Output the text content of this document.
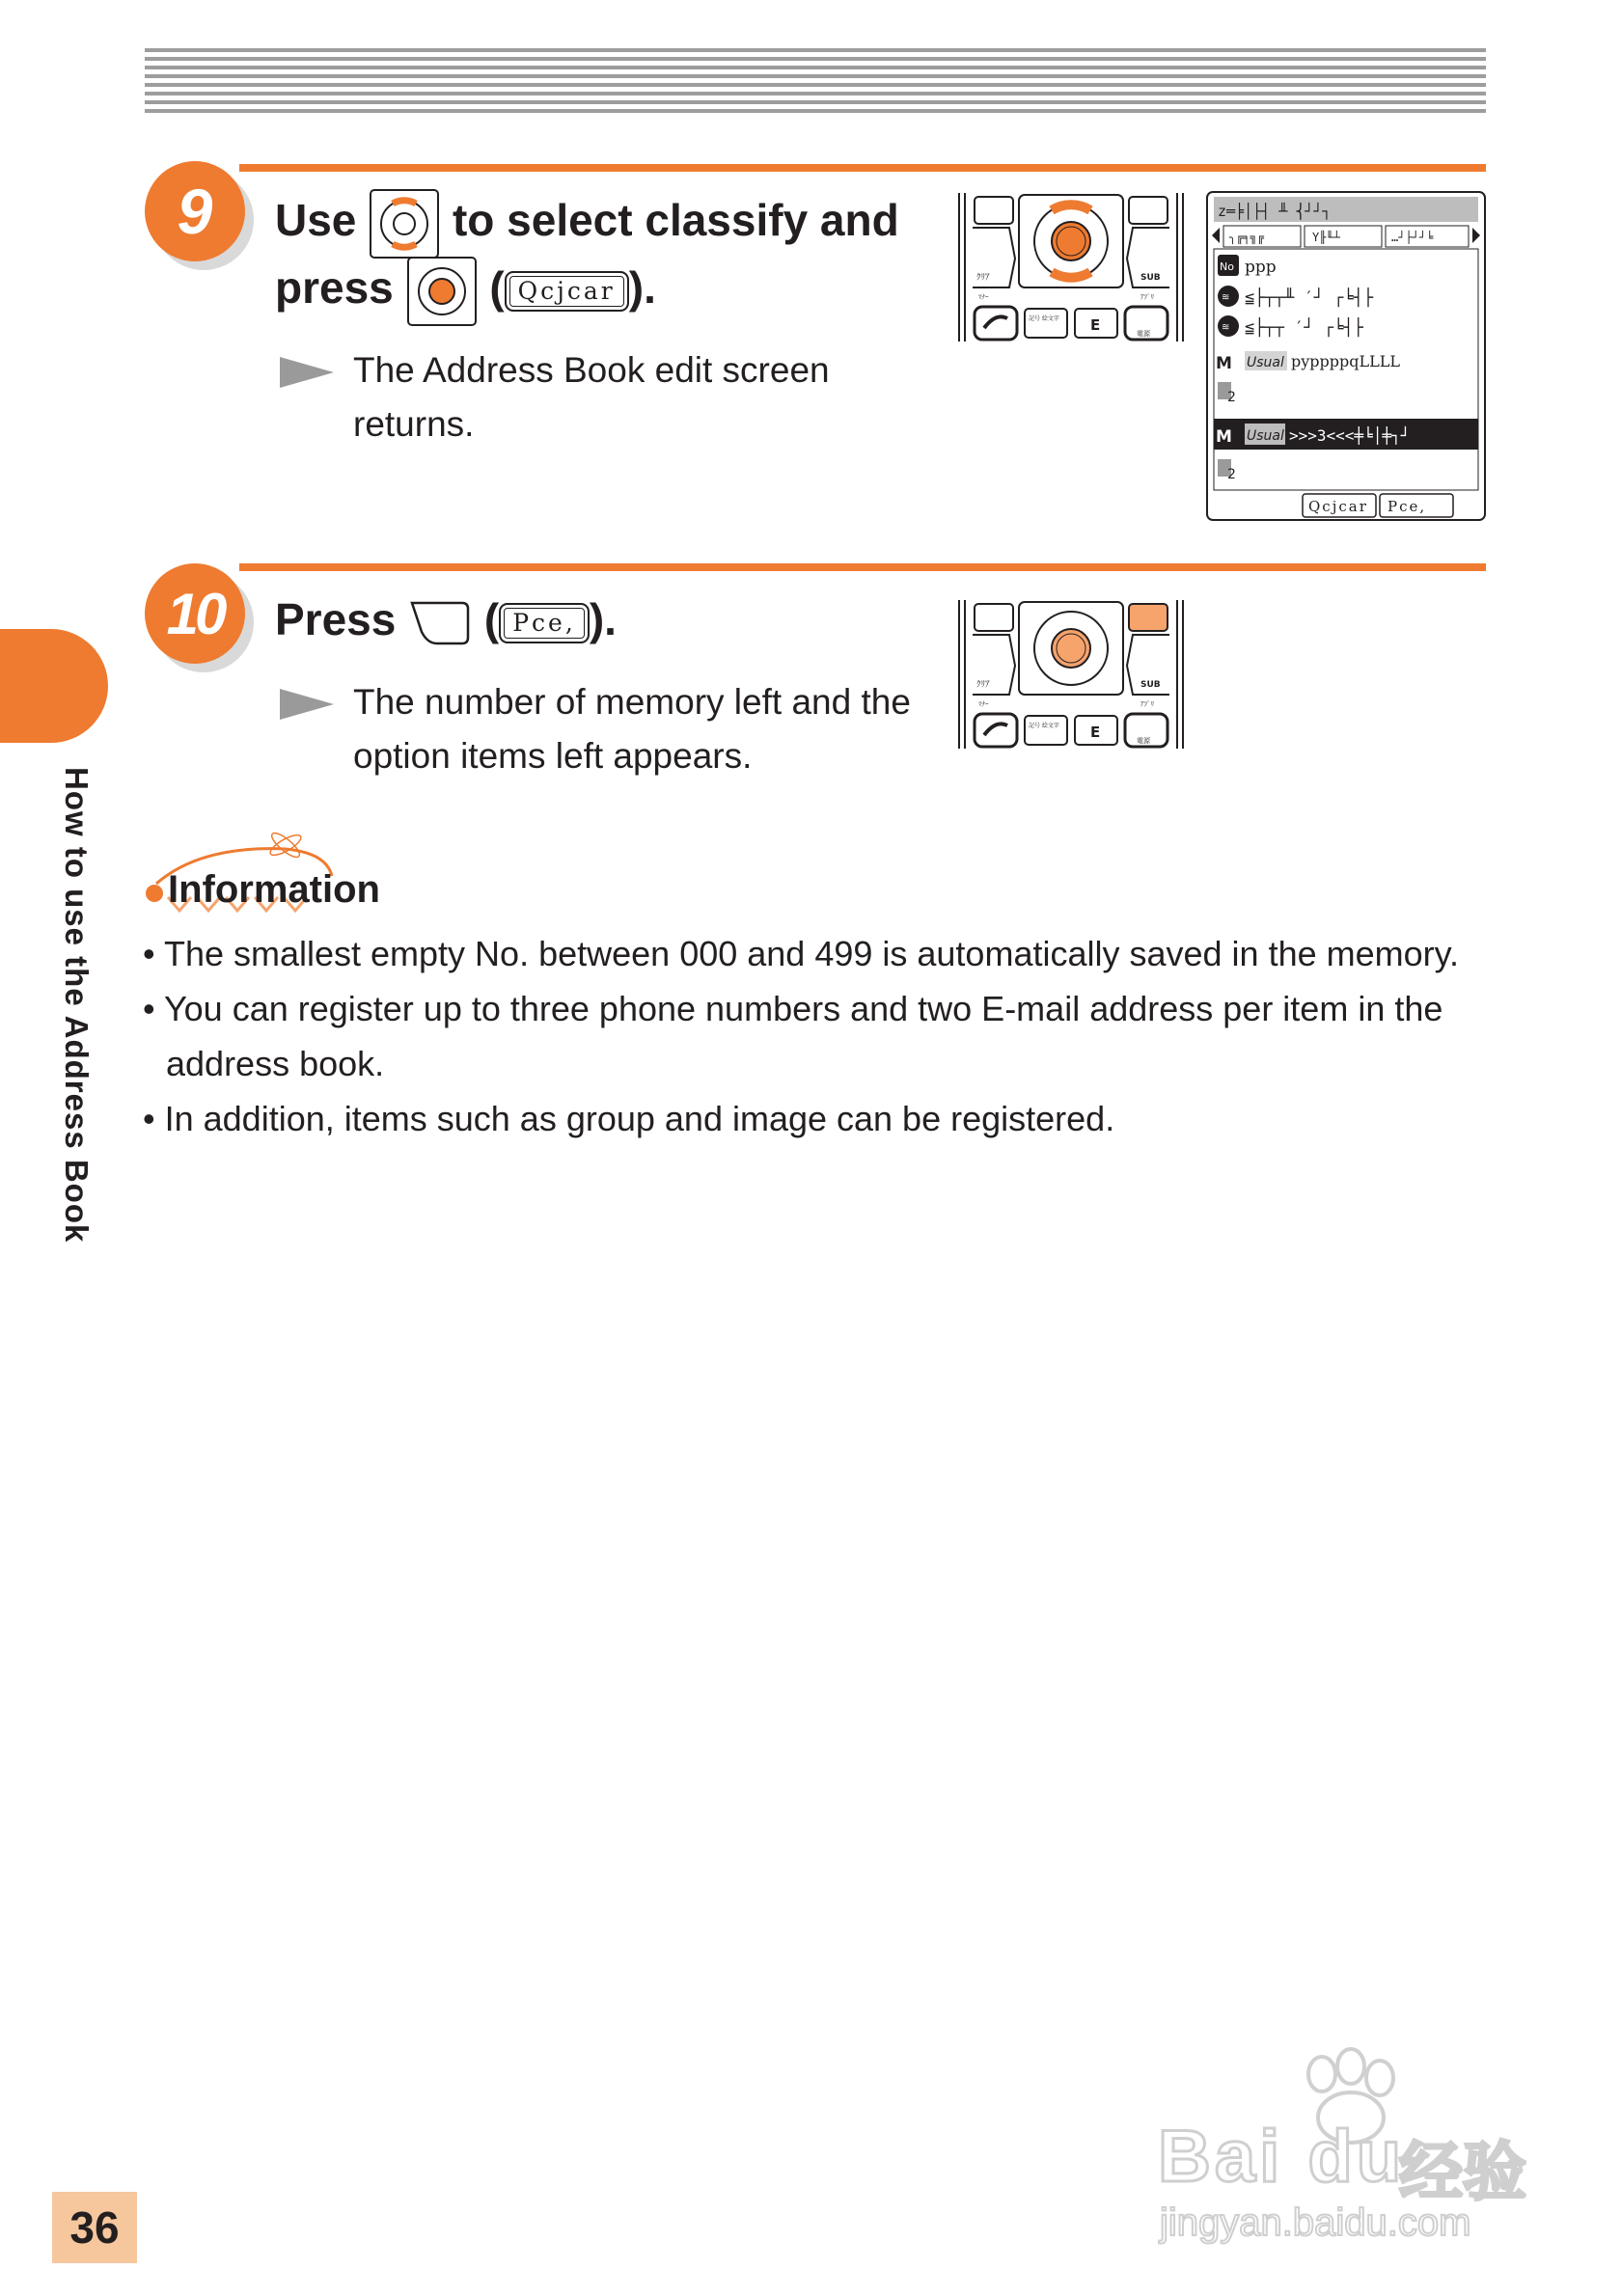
9 Use to select classify and
press ( Qcjcar ).
The Address Book edit screen returns.
ｸﾘｱ
ﾏﾅｰ
SUB
ｱﾌﾟﾘ
記号 絵文字 E	電源
z═╞│├┤ ╨ ⎨┘┘┐
╮╔╕╗╔	Y╟╙┴	…┘├┘┘╘
No ppp
≋ ≦├┬┬╨ ′┘ ┌╘┤├
≋ ≦├┬┬ ′┘ ┌╘┤├
M Usual pyppppqLLLL
2
M Usual >>>3<<<╪╘│╪┐┘
2
Qcjcar Pce,
10 Press ( Pce, ).
The number of memory left and the option items left appears.
ｸﾘｱ
ﾏﾅｰ
SUB
ｱﾌﾟﾘ
記号 絵文字 E	電源
How to use the Address Book Information
• The smallest empty No. between 000 and 499 is automatically saved in the memory.
• You can register up to three phone numbers and two E-mail address per item in the address book.
• In addition, items such as group and image can be registered.
36
Bai du
经验
jingyan.baidu.com
